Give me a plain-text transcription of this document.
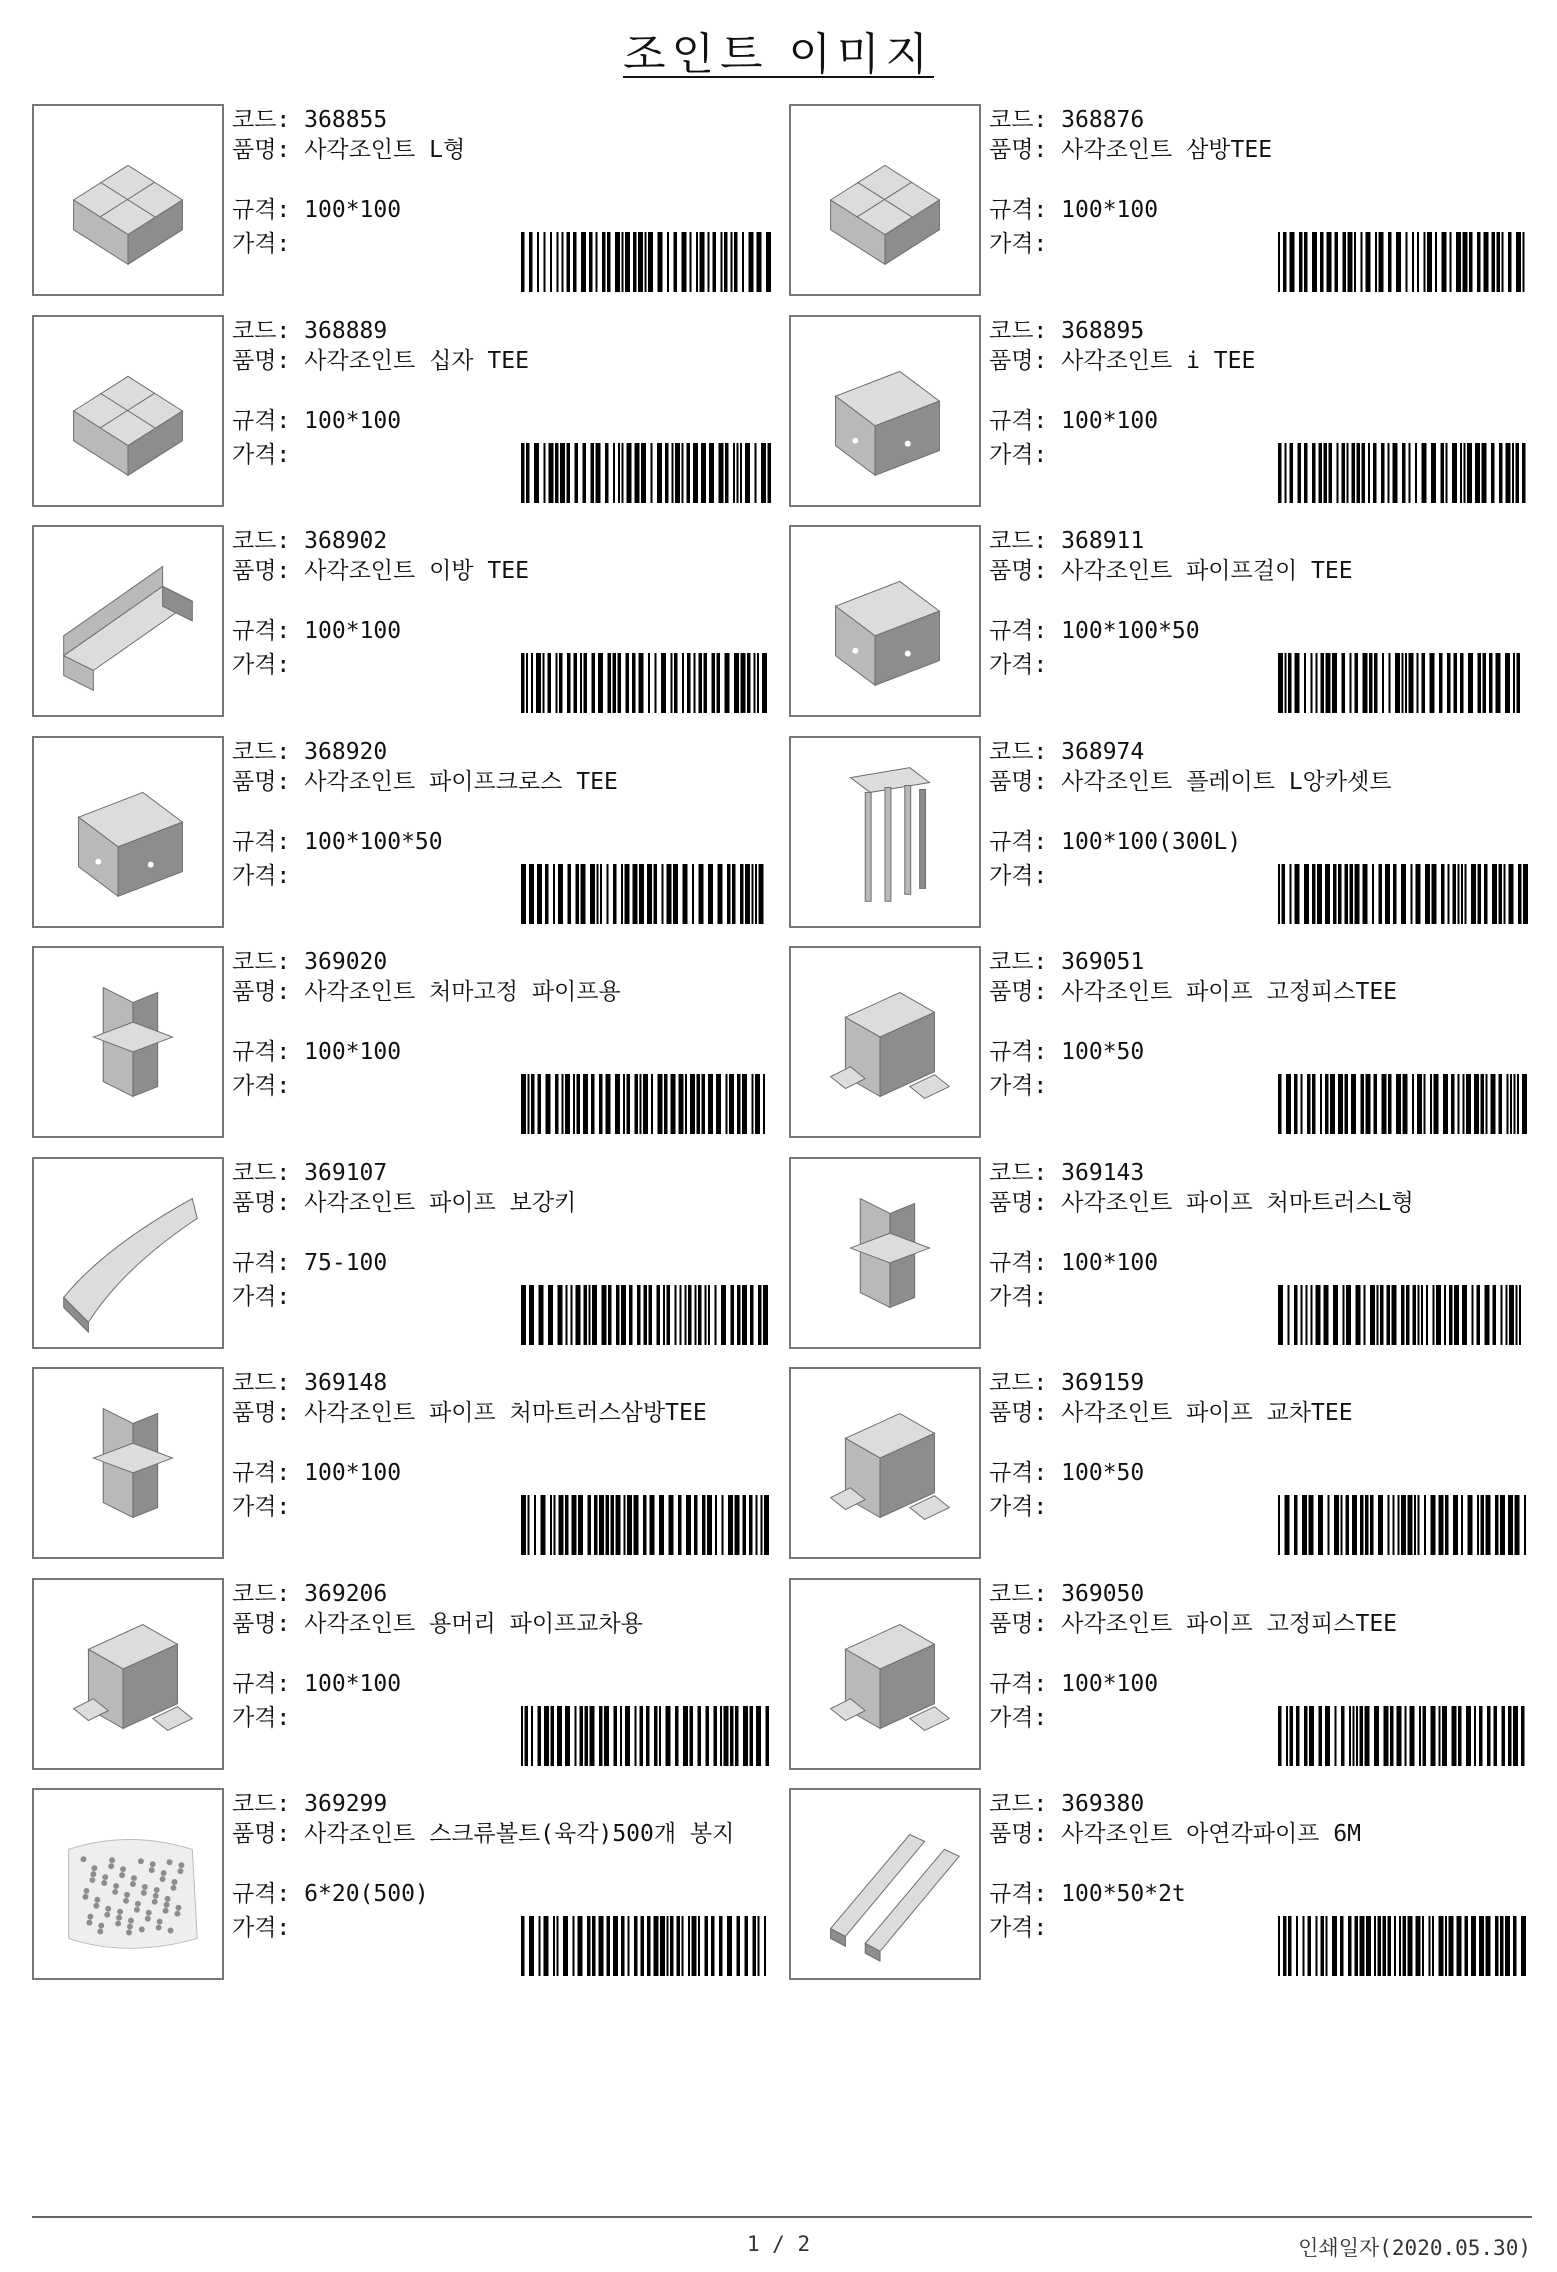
조인트 이미지
코드: 368855
품명: 사각조인트 L형
규격: 100*100
가격:
코드: 368876
품명: 사각조인트 삼방TEE
규격: 100*100
가격:
코드: 368889
품명: 사각조인트 십자 TEE
규격: 100*100
가격:
코드: 368895
품명: 사각조인트 i TEE
규격: 100*100
가격:
코드: 368902
품명: 사각조인트 이방 TEE
규격: 100*100
가격:
코드: 368911
품명: 사각조인트 파이프걸이 TEE
규격: 100*100*50
가격:
코드: 368920
품명: 사각조인트 파이프크로스 TEE
규격: 100*100*50
가격:
코드: 368974
품명: 사각조인트 플레이트 L앙카셋트
규격: 100*100(300L)
가격:
코드: 369020
품명: 사각조인트 처마고정 파이프용
규격: 100*100
가격:
코드: 369051
품명: 사각조인트 파이프 고정피스TEE
규격: 100*50
가격:
코드: 369107
품명: 사각조인트 파이프 보강키
규격: 75-100
가격:
코드: 369143
품명: 사각조인트 파이프 처마트러스L형
규격: 100*100
가격:
코드: 369148
품명: 사각조인트 파이프 처마트러스삼방TEE
규격: 100*100
가격:
코드: 369159
품명: 사각조인트 파이프 교차TEE
규격: 100*50
가격:
코드: 369206
품명: 사각조인트 용머리 파이프교차용
규격: 100*100
가격:
코드: 369050
품명: 사각조인트 파이프 고정피스TEE
규격: 100*100
가격:
코드: 369299
품명: 사각조인트 스크류볼트(육각)500개 봉지
규격: 6*20(500)
가격:
코드: 369380
품명: 사각조인트 아연각파이프 6M
규격: 100*50*2t
가격:
1 / 2	인쇄일자(2020.05.30)
